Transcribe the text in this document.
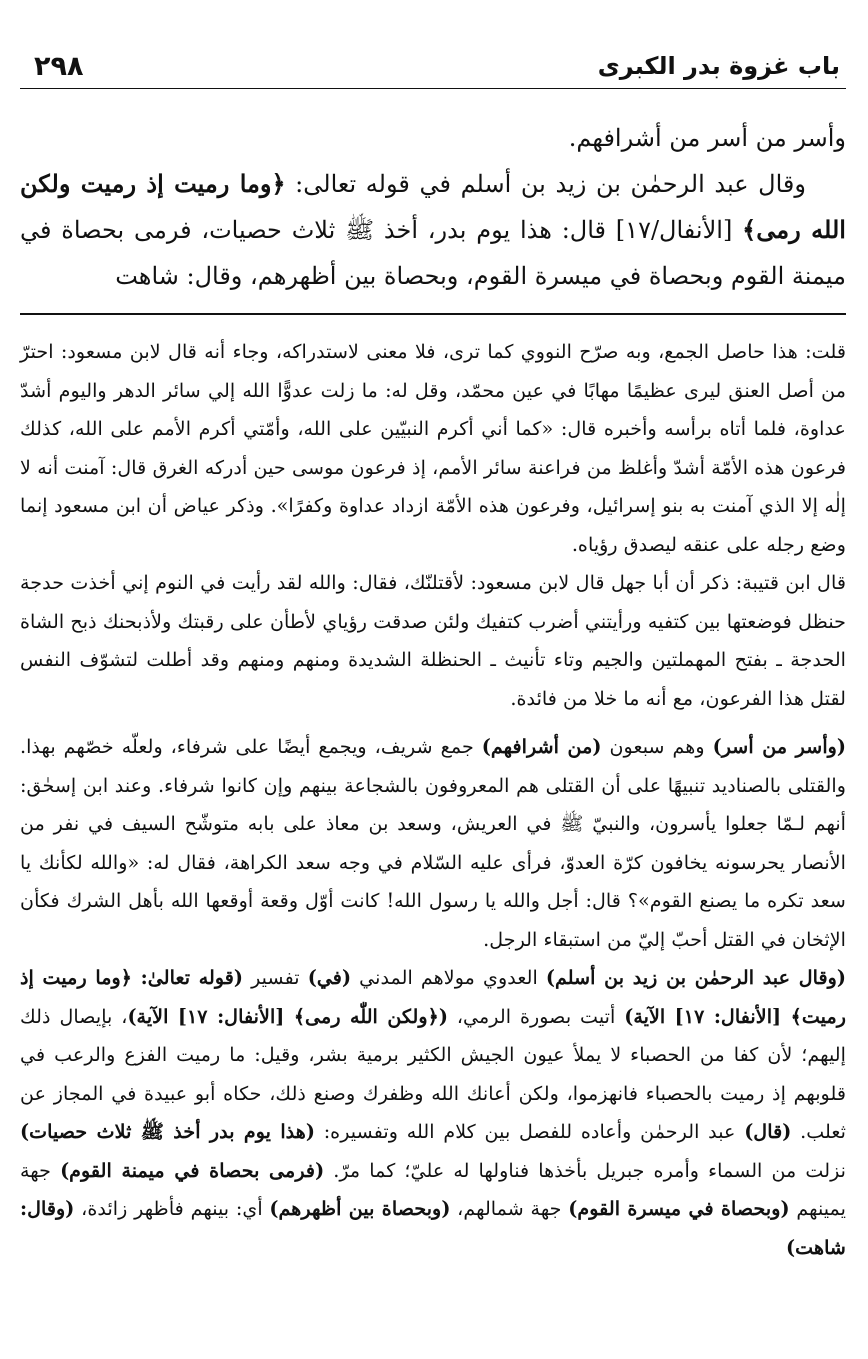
باب غزوة بدر الكبرى
٢٩٨

وأسر من أسر من أشرافهم.

وقال عبد الرحمٰن بن زيد بن أسلم في قوله تعالى: ﴿وما رميت إذ رميت ولكن الله رمى﴾ [الأنفال/١٧] قال: هذا يوم بدر، أخذ ﷺ ثلاث حصيات، فرمى بحصاة في ميمنة القوم وبحصاة في ميسرة القوم، وبحصاة بين أظهرهم، وقال: شاهت

قلت: هذا حاصل الجمع، وبه صرّح النووي كما ترى، فلا معنى لاستدراكه، وجاء أنه قال لابن مسعود: احترّ من أصل العنق ليرى عظيمًا مهابًا في عين محمّد، وقل له: ما زلت عدوًّا الله إلي سائر الدهر واليوم أشدّ عداوة، فلما أتاه برأسه وأخبره قال: «كما أني أكرم النبيّين على الله، وأمّتي أكرم الأمم على الله، كذلك فرعون هذه الأمّة أشدّ وأغلظ من فراعنة سائر الأمم، إذ فرعون موسى حين أدركه الغرق قال: آمنت أنه لا إلٰه إلا الذي آمنت به بنو إسرائيل، وفرعون هذه الأمّة ازداد عداوة وكفرًا». وذكر عياض أن ابن مسعود إنما وضع رجله على عنقه ليصدق رؤياه.

قال ابن قتيبة: ذكر أن أبا جهل قال لابن مسعود: لأقتلنّك، فقال: والله لقد رأيت في النوم إني أخذت حدجة حنظل فوضعتها بين كتفيه ورأيتني أضرب كتفيك ولئن صدقت رؤياي لأطأن على رقبتك ولأذبحنك ذبح الشاة الحدجة ـ بفتح المهملتين والجيم وتاء تأنيث ـ الحنظلة الشديدة ومنهم ومنهم وقد أطلت لتشوّف النفس لقتل هذا الفرعون، مع أنه ما خلا من فائدة.

(وأسر من أسر) وهم سبعون (من أشرافهم) جمع شريف، ويجمع أيضًا على شرفاء، ولعلّه خصّهم بهذا. والقتلى بالصناديد تنبيهًا على أن القتلى هم المعروفون بالشجاعة بينهم وإن كانوا شرفاء. وعند ابن إسحٰق: أنهم لـمّا جعلوا يأسرون، والنبيّ ﷺ في العريش، وسعد بن معاذ على بابه متوشّح السيف في نفر من الأنصار يحرسونه يخافون كرّة العدوّ، فرأى عليه السّلام في وجه سعد الكراهة، فقال له: «والله لكأنك يا سعد تكره ما يصنع القوم»؟ قال: أجل والله يا رسول الله! كانت أوّل وقعة أوقعها الله بأهل الشرك فكأن الإثخان في القتل أحبّ إليّ من استبقاء الرجل.

(وقال عبد الرحمٰن بن زيد بن أسلم) العدوي مولاهم المدني (في) تفسير (قوله تعالىٰ: ﴿وما رميت إذ رميت﴾ [الأنفال: ١٧] الآية) أتيت بصورة الرمي، (﴿ولكن اللّٰه رمى﴾ [الأنفال: ١٧] الآية)، بإيصال ذلك إليهم؛ لأن كفا من الحصباء لا يملأ عيون الجيش الكثير برمية بشر، وقيل: ما رميت الفزع والرعب في قلوبهم إذ رميت بالحصباء فانهزموا، ولكن أعانك الله وظفرك وصنع ذلك، حكاه أبو عبيدة في المجاز عن ثعلب. (قال) عبد الرحمٰن وأعاده للفصل بين كلام الله وتفسيره: (هذا يوم بدر أخذ ﷺ ثلاث حصيات) نزلت من السماء وأمره جبريل بأخذها فناولها له عليّ؛ كما مرّ. (فرمى بحصاة في ميمنة القوم) جهة يمينهم (وبحصاة في ميسرة القوم) جهة شمالهم، (وبحصاة بين أظهرهم) أي: بينهم فأظهر زائدة، (وقال: شاهت)
